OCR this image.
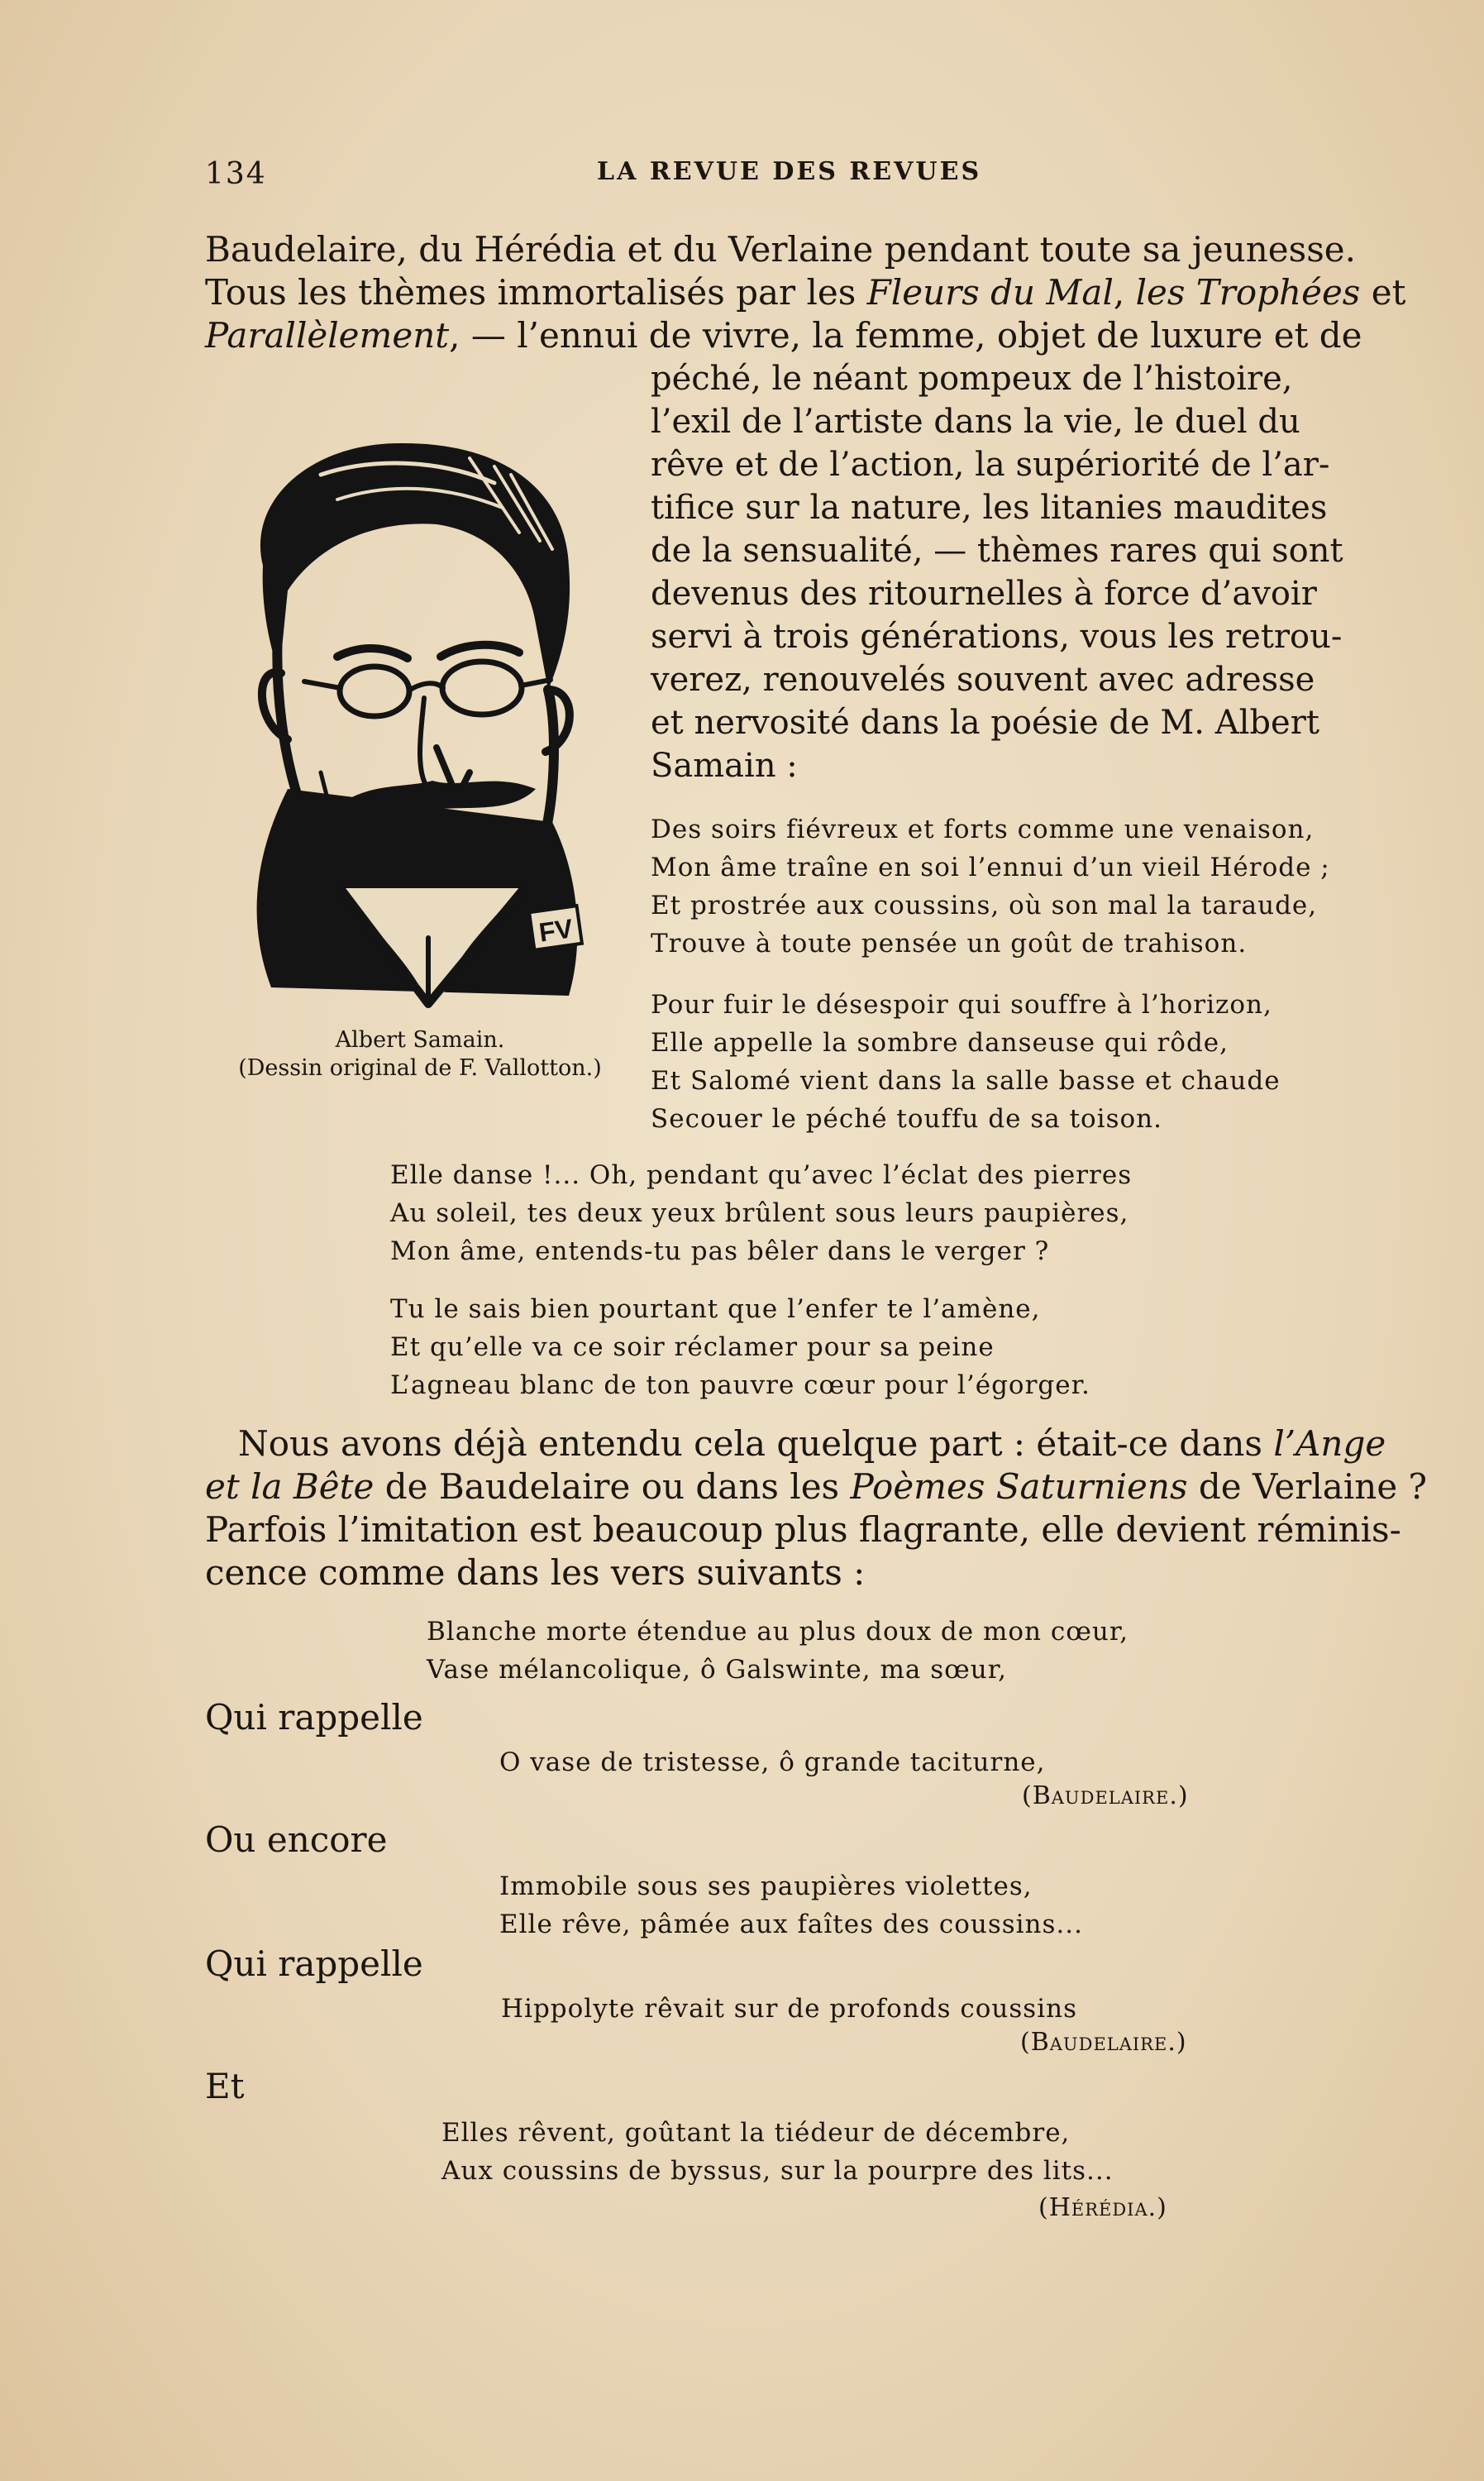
134	LA REVUE DES REVUES
Baudelaire, du Hérédia et du Verlaine pendant toute sa jeunesse.
Tous les thèmes immortalisés par les Fleurs du Mal, les Trophées et
Parallèlement, — l’ennui de vivre, la femme, objet de luxure et de
péché, le néant pompeux de l’histoire,
l’exil de l’artiste dans la vie, le duel du
rêve et de l’action, la supériorité de l’ar-
tifice sur la nature, les litanies maudites
de la sensualité, — thèmes rares qui sont
devenus des ritournelles à force d’avoir
servi à trois générations, vous les retrou-
verez, renouvelés souvent avec adresse
et nervosité dans la poésie de M. Albert
Samain :
FV
Albert Samain.
(Dessin original de F. Vallotton.)
Des soirs fiévreux et forts comme une venaison,
Mon âme traîne en soi l’ennui d’un vieil Hérode ;
Et prostrée aux coussins, où son mal la taraude,
Trouve à toute pensée un goût de trahison.
Pour fuir le désespoir qui souffre à l’horizon,
Elle appelle la sombre danseuse qui rôde,
Et Salomé vient dans la salle basse et chaude
Secouer le péché touffu de sa toison.
Elle danse !... Oh, pendant qu’avec l’éclat des pierres
Au soleil, tes deux yeux brûlent sous leurs paupières,
Mon âme, entends-tu pas bêler dans le verger ?
Tu le sais bien pourtant que l’enfer te l’amène,
Et qu’elle va ce soir réclamer pour sa peine
L’agneau blanc de ton pauvre cœur pour l’égorger.
Nous avons déjà entendu cela quelque part : était-ce dans l’Ange
et la Bête de Baudelaire ou dans les Poèmes Saturniens de Verlaine ?
Parfois l’imitation est beaucoup plus flagrante, elle devient réminis-
cence comme dans les vers suivants :
Blanche morte étendue au plus doux de mon cœur,
Vase mélancolique, ô Galswinte, ma sœur,
Qui rappelle
O vase de tristesse, ô grande taciturne,
(Baudelaire.)
Ou encore
Immobile sous ses paupières violettes,
Elle rêve, pâmée aux faîtes des coussins...
Qui rappelle
Hippolyte rêvait sur de profonds coussins
(Baudelaire.)
Et
Elles rêvent, goûtant la tiédeur de décembre,
Aux coussins de byssus, sur la pourpre des lits...
(Hérédia.)
